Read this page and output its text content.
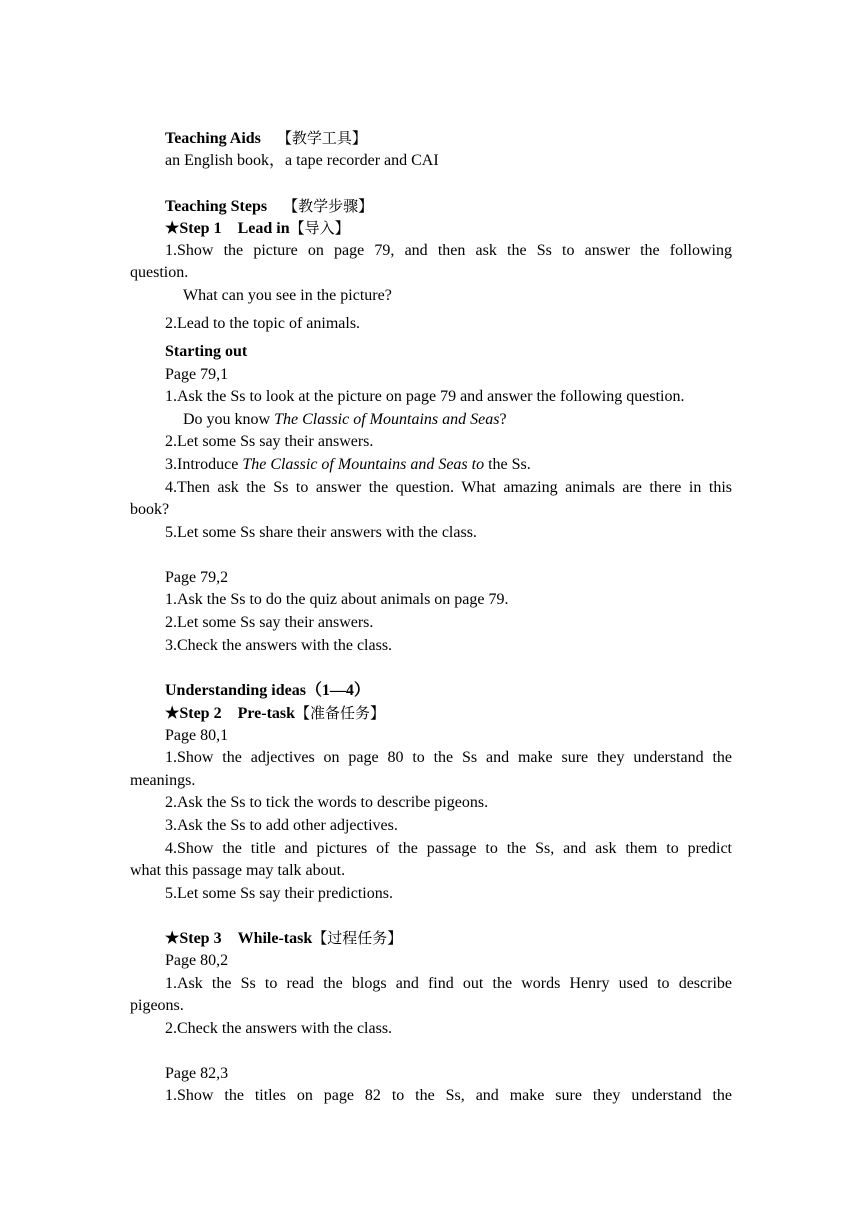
Teaching Aids 【教学工具】
an English book，a tape recorder and CAI
Teaching Steps 【教学步骤】
★Step 1　Lead in【导入】
1.Show the picture on page 79, and then ask the Ss to answer the following
question.
What can you see in the picture?
2.Lead to the topic of animals.
Starting out
Page 79,1
1.Ask the Ss to look at the picture on page 79 and answer the following question.
Do you know The Classic of Mountains and Seas?
2.Let some Ss say their answers.
3.Introduce The Classic of Mountains and Seas to the Ss.
4.Then ask the Ss to answer the question. What amazing animals are there in this
book?
5.Let some Ss share their answers with the class.
Page 79,2
1.Ask the Ss to do the quiz about animals on page 79.
2.Let some Ss say their answers.
3.Check the answers with the class.
Understanding ideas（1—4）
★Step 2　Pre-task【准备任务】
Page 80,1
1.Show the adjectives on page 80 to the Ss and make sure they understand the
meanings.
2.Ask the Ss to tick the words to describe pigeons.
3.Ask the Ss to add other adjectives.
4.Show the title and pictures of the passage to the Ss, and ask them to predict
what this passage may talk about.
5.Let some Ss say their predictions.
★Step 3　While-task【过程任务】
Page 80,2
1.Ask the Ss to read the blogs and find out the words Henry used to describe
pigeons.
2.Check the answers with the class.
Page 82,3
1.Show the titles on page 82 to the Ss, and make sure they understand the
